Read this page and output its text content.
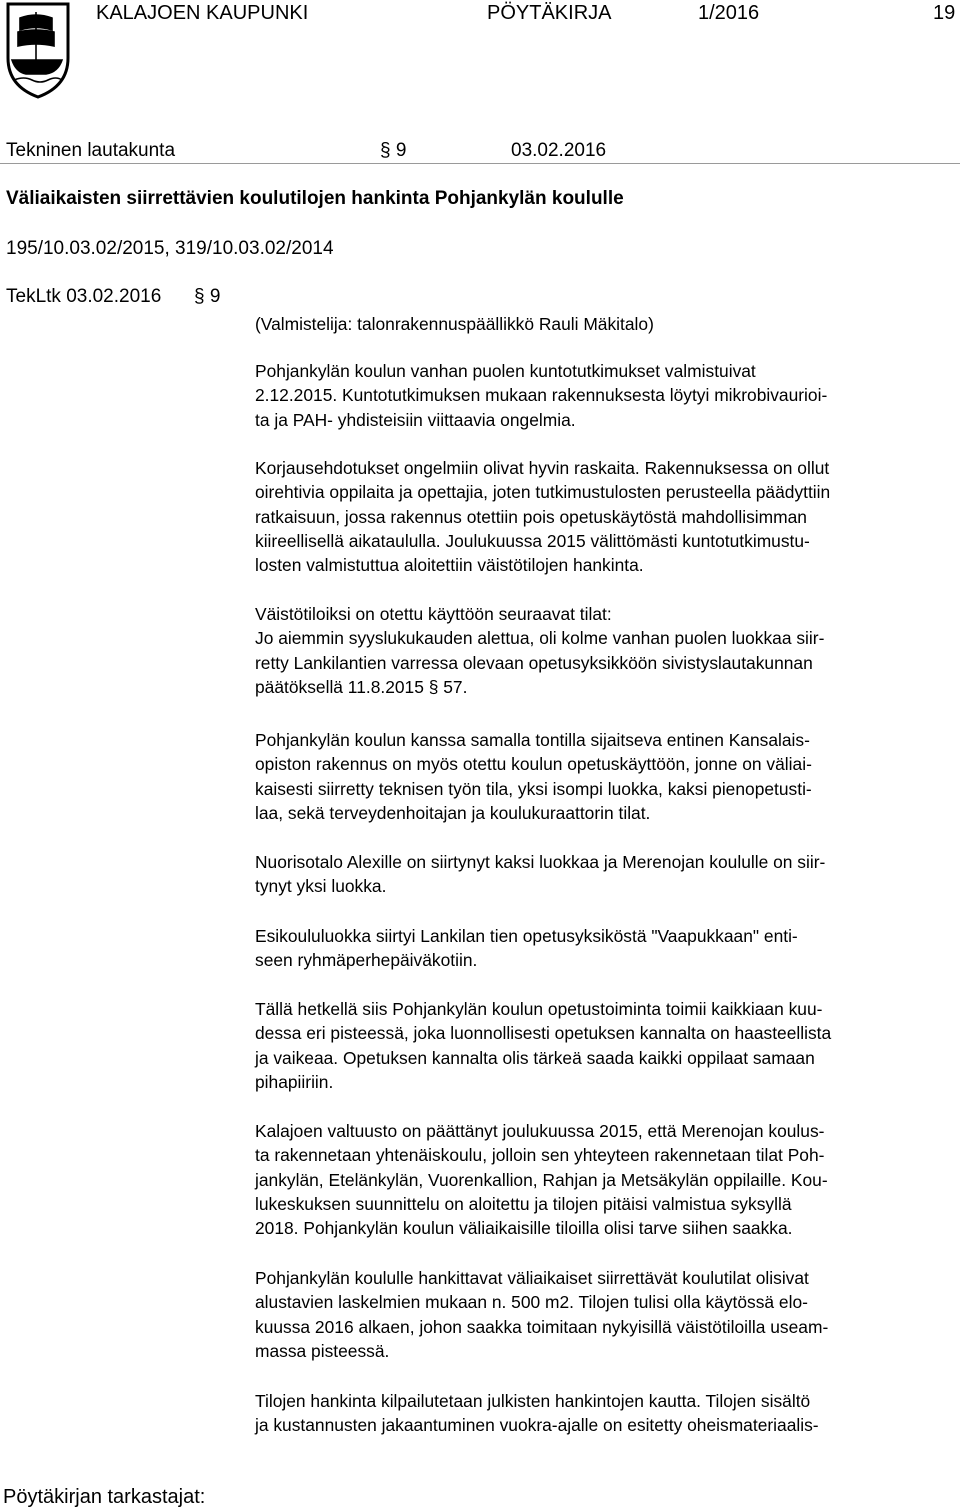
KALAJOEN KAUPUNKI	PÖYTÄKIRJA	1/2016	19
Tekninen lautakunta	§ 9	03.02.2016
Väliaikaisten siirrettävien koulutilojen hankinta Pohjankylän koululle
195/10.03.02/2015, 319/10.03.02/2014
TekLtk 03.02.2016 § 9
(Valmistelija: talonrakennuspäällikkö Rauli Mäkitalo)

Pohjankylän koulun vanhan puolen kuntotutkimukset valmistuivat

2.12.2015. Kuntotutkimuksen mukaan rakennuksesta löytyi mikrobivaurioi-

ta ja PAH- yhdisteisiin viittaavia ongelmia.

Korjausehdotukset ongelmiin olivat hyvin raskaita. Rakennuksessa on ollut

oirehtivia oppilaita ja opettajia, joten tutkimustulosten perusteella päädyttiin

ratkaisuun, jossa rakennus otettiin pois opetuskäytöstä mahdollisimman

kiireellisellä aikataululla. Joulukuussa 2015 välittömästi kuntotutkimustu-

losten valmistuttua aloitettiin väistötilojen hankinta.

Väistötiloiksi on otettu käyttöön seuraavat tilat:

Jo aiemmin syyslukukauden alettua, oli kolme vanhan puolen luokkaa siir-

retty Lankilantien varressa olevaan opetusyksikköön sivistyslautakunnan

päätöksellä 11.8.2015 § 57.

Pohjankylän koulun kanssa samalla tontilla sijaitseva entinen Kansalais-

opiston rakennus on myös otettu koulun opetuskäyttöön, jonne on väliai-

kaisesti siirretty teknisen työn tila, yksi isompi luokka, kaksi pienopetusti-

laa, sekä terveydenhoitajan ja koulukuraattorin tilat.

Nuorisotalo Alexille on siirtynyt kaksi luokkaa ja Merenojan koululle on siir-

tynyt yksi luokka.

Esikoululuokka siirtyi Lankilan tien opetusyksiköstä "Vaapukkaan" enti-

seen ryhmäperhepäiväkotiin.

Tällä hetkellä siis Pohjankylän koulun opetustoiminta toimii kaikkiaan kuu-

dessa eri pisteessä, joka luonnollisesti opetuksen kannalta on haasteellista

ja vaikeaa. Opetuksen kannalta olis tärkeä saada kaikki oppilaat samaan

pihapiiriin.

Kalajoen valtuusto on päättänyt joulukuussa 2015, että Merenojan koulus-

ta rakennetaan yhtenäiskoulu, jolloin sen yhteyteen rakennetaan tilat Poh-

jankylän, Etelänkylän, Vuorenkallion, Rahjan ja Metsäkylän oppilaille. Kou-

lukeskuksen suunnittelu on aloitettu ja tilojen pitäisi valmistua syksyllä

2018. Pohjankylän koulun väliaikaisille tiloilla olisi tarve siihen saakka.

Pohjankylän koululle hankittavat väliaikaiset siirrettävät koulutilat olisivat

alustavien laskelmien mukaan n. 500 m2. Tilojen tulisi olla käytössä elo-

kuussa 2016 alkaen, johon saakka toimitaan nykyisillä väistötiloilla useam-

massa pisteessä.

Tilojen hankinta kilpailutetaan julkisten hankintojen kautta. Tilojen sisältö

ja kustannusten jakaantuminen vuokra-ajalle on esitetty oheismateriaalis-

Pöytäkirjan tarkastajat:
